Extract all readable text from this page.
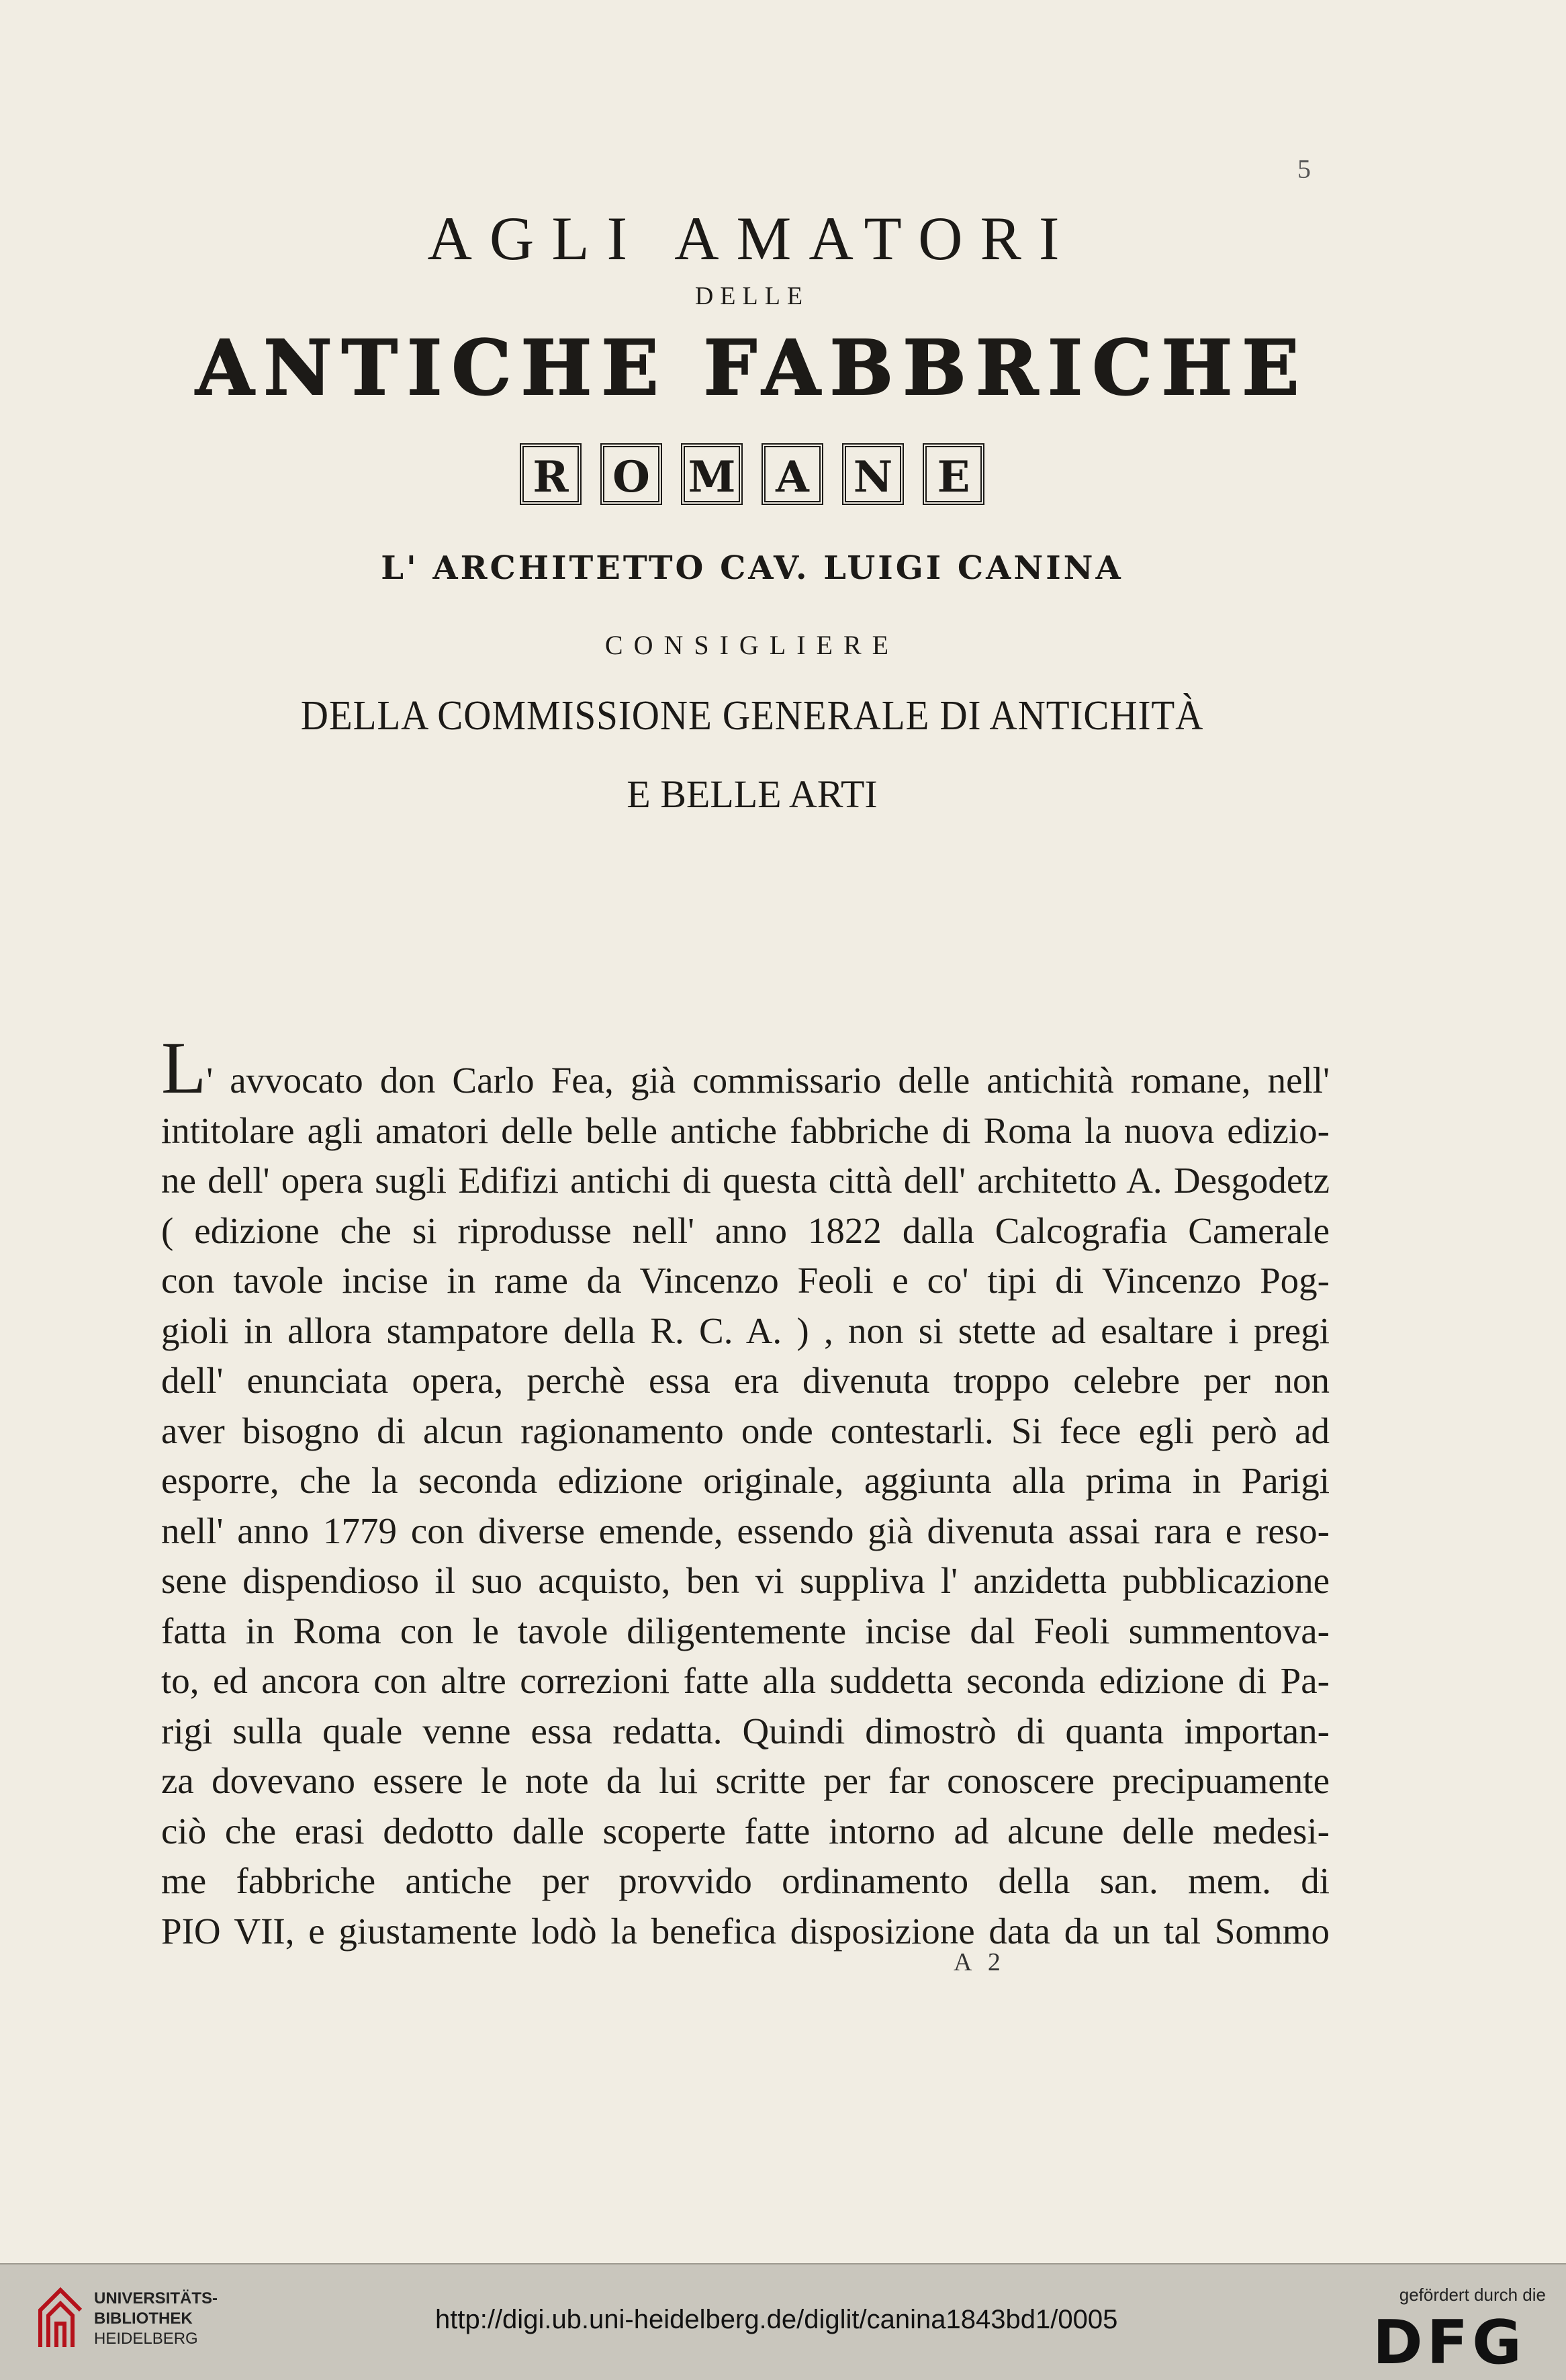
5
AGLI AMATORI
DELLE
ANTICHE FABBRICHE
R	O M A	N	E
L' ARCHITETTO CAV. LUIGI CANINA
CONSIGLIERE
DELLA COMMISSIONE GENERALE DI ANTICHITÀ
E BELLE ARTI
L' avvocato don Carlo Fea, già commissario delle antichità romane, nell'
intitolare agli amatori delle belle antiche fabbriche di Roma la nuova edizio-
ne dell' opera sugli Edifizi antichi di questa città dell' architetto A. Desgodetz
( edizione che si riprodusse nell' anno 1822 dalla Calcografia Camerale
con tavole incise in rame da Vincenzo Feoli e co' tipi di Vincenzo Pog-
gioli in allora stampatore della R. C. A. ) , non si stette ad esaltare i pregi
dell' enunciata opera, perchè essa era divenuta troppo celebre per non
aver bisogno di alcun ragionamento onde contestarli. Si fece egli però ad
esporre, che la seconda edizione originale, aggiunta alla prima in Parigi
nell' anno 1779 con diverse emende, essendo già divenuta assai rara e reso-
sene dispendioso il suo acquisto, ben vi suppliva l' anzidetta pubblicazione
fatta in Roma con le tavole diligentemente incise dal Feoli summentova-
to, ed ancora con altre correzioni fatte alla suddetta seconda edizione di Pa-
rigi sulla quale venne essa redatta. Quindi dimostrò di quanta importan-
za dovevano essere le note da lui scritte per far conoscere precipuamente
ciò che erasi dedotto dalle scoperte fatte intorno ad alcune delle medesi-
me fabbriche antiche per provvido ordinamento della san. mem. di
PIO VII, e giustamente lodò la benefica disposizione data da un tal Sommo
A 2
UNIVERSITÄTS-
BIBLIOTHEK
HEIDELBERG
http://digi.ub.uni-heidelberg.de/diglit/canina1843bd1/0005
gefördert durch die
DFG
